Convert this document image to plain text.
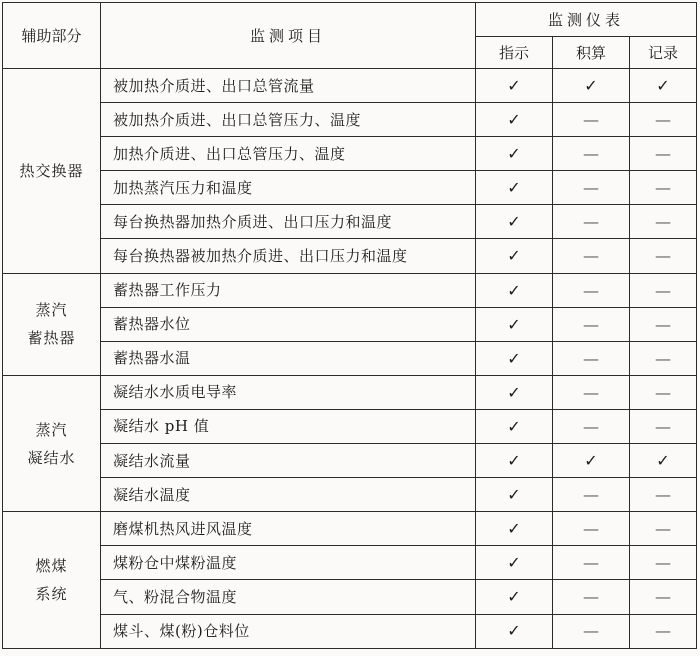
辅助部分	监测项目	监测仪表		
		指示	积算	记录

热交换器	被加热介质进、出口总管流量	✓	✓	✓
	被加热介质进、出口总管压力、温度	✓	—	—
	加热介质进、出口总管压力、温度	✓	—	—
	加热蒸汽压力和温度	✓	—	—
	每台换热器加热介质进、出口压力和温度	✓	—	—
	每台换热器被加热介质进、出口压力和温度	✓	—	—

蒸汽
蓄热器	蓄热器工作压力	✓	—	—
	蓄热器水位	✓	—	—
	蓄热器水温	✓	—	—

蒸汽
凝结水	凝结水水质电导率	✓	—	—
	凝结水 pH 值	✓	—	—
	凝结水流量	✓	✓	✓
	凝结水温度	✓	—	—

燃煤
系统	磨煤机热风进风温度	✓	—	—
	煤粉仓中煤粉温度	✓	—	—
	气、粉混合物温度	✓	—	—
	煤斗、煤(粉)仓料位	✓	—	—
